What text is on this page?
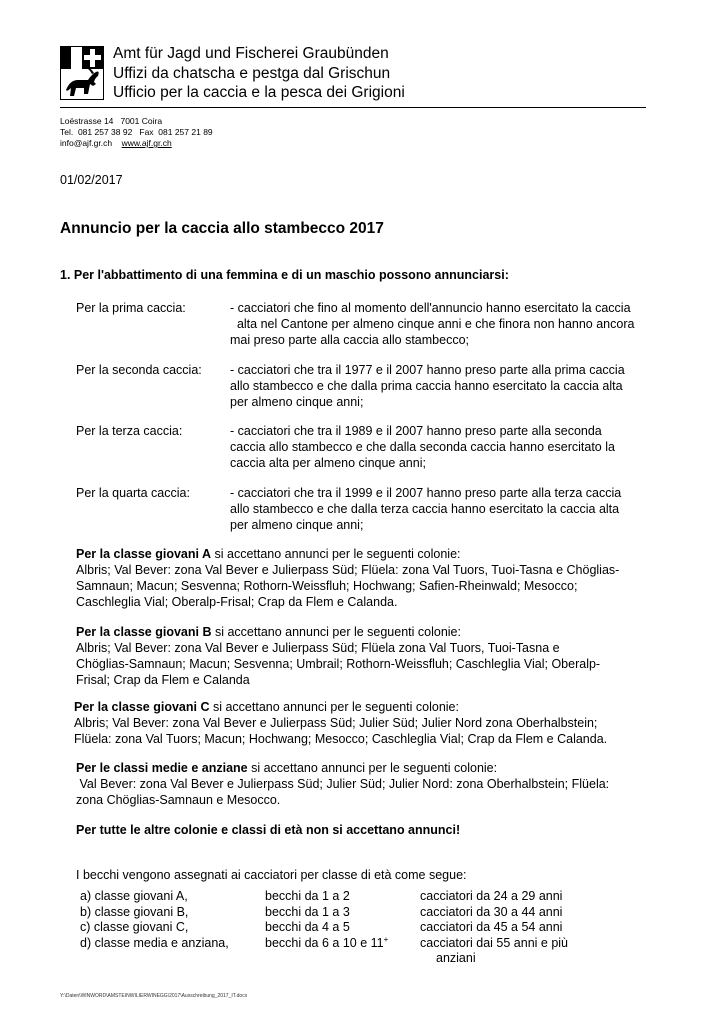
Amt für Jagd und Fischerei Graubünden
Uffizi da chatscha e pestga dal Grischun
Ufficio per la caccia e la pesca dei Grigioni
Loëstrasse 14   7001 Coira
Tel.  081 257 38 92   Fax  081 257 21 89
info@ajf.gr.ch www.ajf.gr.ch
01/02/2017
Annuncio per la caccia allo stambecco 2017
1. Per l'abbattimento di una femmina e di un maschio possono annunciarsi:
Per la prima caccia:	- cacciatori che fino al momento dell'annuncio hanno esercitato la caccia
alta nel Cantone per almeno cinque anni e che finora non hanno ancora
mai preso parte alla caccia allo stambecco;
Per la seconda caccia: - cacciatori che tra il 1977 e il 2007 hanno preso parte alla prima caccia
allo stambecco e che dalla prima caccia hanno esercitato la caccia alta
per almeno cinque anni;
Per la terza caccia:	- cacciatori che tra il 1989 e il 2007 hanno preso parte alla seconda
caccia allo stambecco e che dalla seconda caccia hanno esercitato la
caccia alta per almeno cinque anni;
Per la quarta caccia:	- cacciatori che tra il 1999 e il 2007 hanno preso parte alla terza caccia
allo stambecco e che dalla terza caccia hanno esercitato la caccia alta
per almeno cinque anni;
Per la classe giovani A si accettano annunci per le seguenti colonie:
Albris; Val Bever: zona Val Bever e Julierpass Süd; Flüela: zona Val Tuors, Tuoi-Tasna e Chöglias-
Samnaun; Macun; Sesvenna; Rothorn-Weissfluh; Hochwang; Safien-Rheinwald; Mesocco;
Caschleglia Vial; Oberalp-Frisal; Crap da Flem e Calanda.
Per la classe giovani B si accettano annunci per le seguenti colonie:
Albris; Val Bever: zona Val Bever e Julierpass Süd; Flüela zona Val Tuors, Tuoi-Tasna e
Chöglias-Samnaun; Macun; Sesvenna; Umbrail; Rothorn-Weissfluh; Caschleglia Vial; Oberalp-
Frisal; Crap da Flem e Calanda
Per la classe giovani C si accettano annunci per le seguenti colonie:
Albris; Val Bever: zona Val Bever e Julierpass Süd; Julier Süd; Julier Nord zona Oberhalbstein;
Flüela: zona Val Tuors; Macun; Hochwang; Mesocco; Caschleglia Vial; Crap da Flem e Calanda.
Per le classi medie e anziane si accettano annunci per le seguenti colonie:
Val Bever: zona Val Bever e Julierpass Süd; Julier Süd; Julier Nord: zona Oberhalbstein; Flüela:
zona Chöglias-Samnaun e Mesocco.
Per tutte le altre colonie e classi di età non si accettano annunci!
I becchi vengono assegnati ai cacciatori per classe di età come segue:
a) classe giovani A,	becchi da 1 a 2	cacciatori da 24 a 29 anni
b) classe giovani B,	becchi da 1 a 3	cacciatori da 30 a 44 anni
c) classe giovani C,	becchi da 4 a 5	cacciatori da 45 a 54 anni
d) classe media e anziana,	becchi da 6 a 10 e 11+	cacciatori dai 55 anni e più
anziani
Y:\Daten\WINWORD\AMSTEINWILIERWINEGG\2017\Ausschreibung_2017_IT.docx
